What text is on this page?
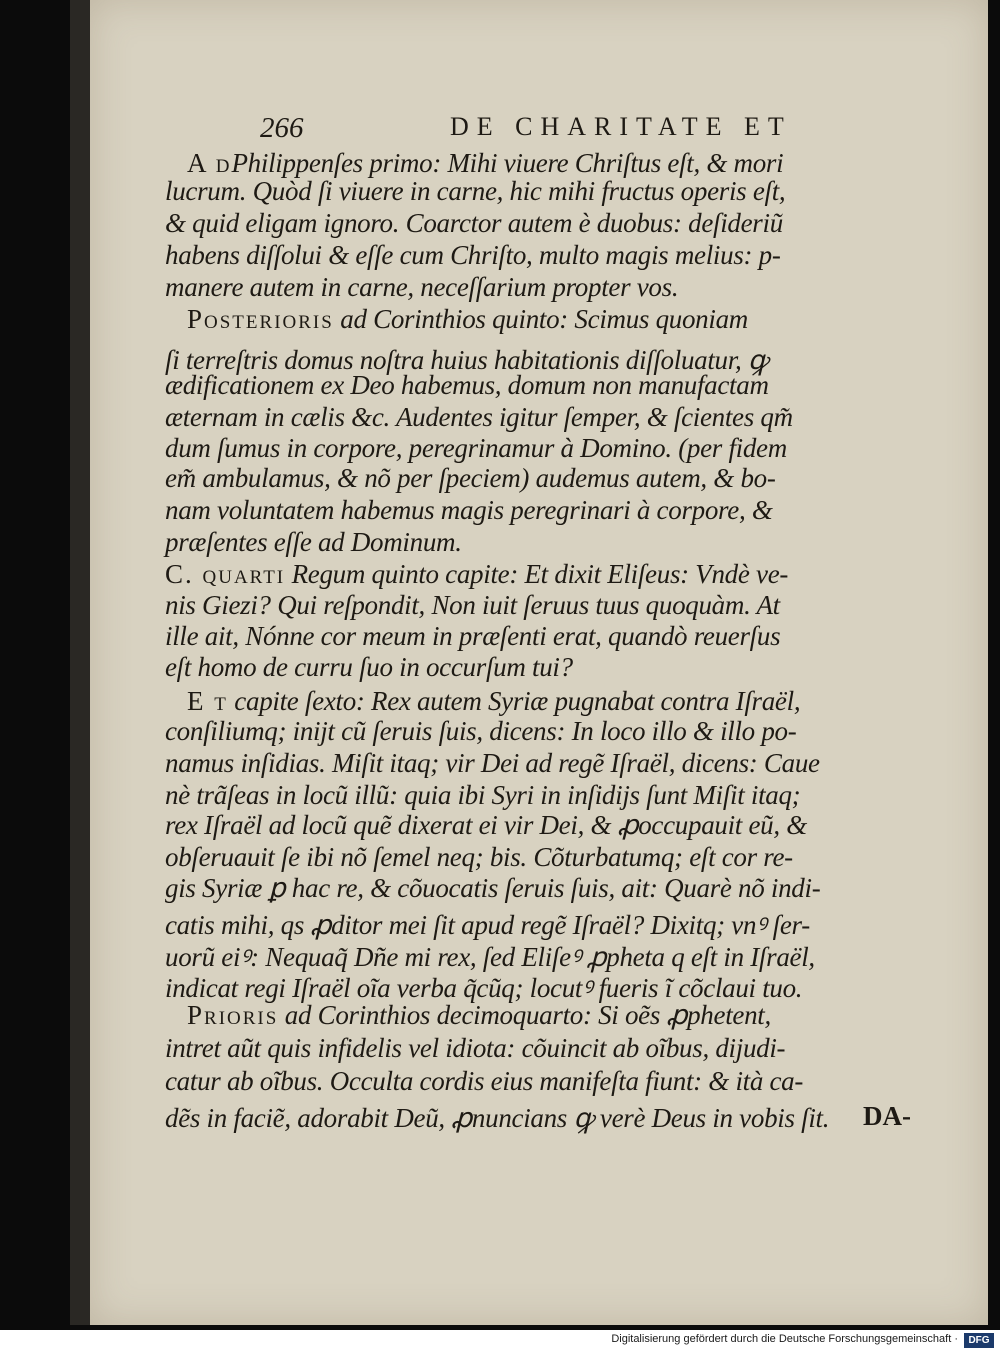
266	DE CHARITATE ET
A dPhilippenſes primo: Mihi viuere Chriſtus eſt, & mori
lucrum. Quòd ſi viuere in carne, hic mihi fructus operis eſt,
& quid eligam ignoro. Coarctor autem è duobus: deſideriũ
habens diſſolui & eſſe cum Chriſto, multo magis melius: p-
manere autem in carne, neceſſarium propter vos.
Posterioris ad Corinthios quinto: Scimus quoniam
ſi terreſtris domus noſtra huius habitationis diſſoluatur, ꝙ
ædificationem ex Deo habemus, domum non manufactam
æternam in cælis &c. Audentes igitur ſemper, & ſcientes qm̃
dum ſumus in corpore, peregrinamur à Domino. (per fidem
em̃ ambulamus, & nõ per ſpeciem) audemus autem, & bo-
nam voluntatem habemus magis peregrinari à corpore, &
præſentes eſſe ad Dominum.
C. quarti Regum quinto capite: Et dixit Eliſeus: Vndè ve-
nis Giezi? Qui reſpondit, Non iuit ſeruus tuus quoquàm. At
ille ait, Nónne cor meum in præſenti erat, quandò reuerſus
eſt homo de curru ſuo in occurſum tui?
E t capite ſexto: Rex autem Syriæ pugnabat contra Iſraël,
conſiliumq; inijt cũ ſeruis ſuis, dicens: In loco illo & illo po-
namus inſidias. Miſit itaq; vir Dei ad regẽ Iſraël, dicens: Caue
nè trãſeas in locũ illũ: quia ibi Syri in inſidijs ſunt Miſit itaq;
rex Iſraël ad locũ quẽ dixerat ei vir Dei, & ꝓoccupauit eũ, &
obſeruauit ſe ibi nõ ſemel neq; bis. Cõturbatumq; eſt cor re-
gis Syriæ ꝑ hac re, & cõuocatis ſeruis ſuis, ait: Quarè nõ indi-
catis mihi, qs ꝓditor mei ſit apud regẽ Iſraël? Dixitq; vnꝰ ſer-
uorũ eiꝰ: Nequaq̃ Dñe mi rex, ſed Eliſeꝰ ꝓpheta q eſt in Iſraël,
indicat regi Iſraël oĩa verba q̃cũq; locutꝰ fueris ĩ cõclaui tuo.
Prioris ad Corinthios decimoquarto: Si oẽs ꝓphetent,
intret aũt quis infidelis vel idiota: cõuincit ab oĩbus, dijudi-
catur ab oĩbus. Occulta cordis eius manifeſta fiunt: & ità ca-
dẽs in faciẽ, adorabit Deũ, ꝓnuncians ꝙ verè Deus in vobis ſit. DA-
Digitalisierung gefördert durch die Deutsche Forschungsgemeinschaft ·	DFG
